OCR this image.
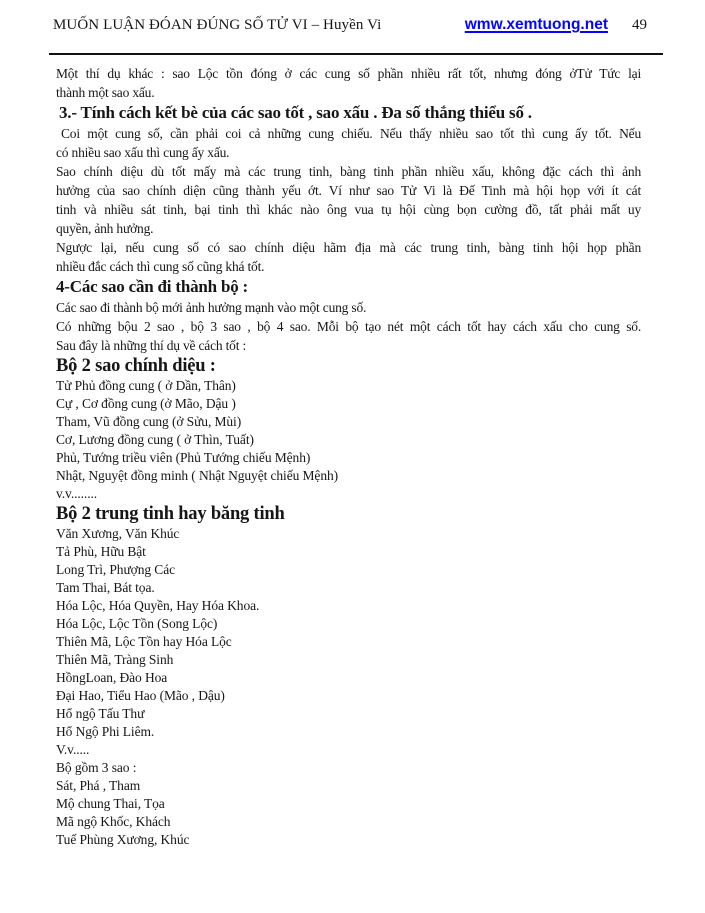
MUỐN LUẬN ĐÓAN ĐÚNG SỐ TỬ VI – Huyền Vi	wmw.xemtuong.net 49
Một thí dụ khác : sao Lộc tồn đóng ở các cung số phần nhiều rất tốt, nhưng đóng ởTử Tức lại
thành một sao xấu.
3.- Tính cách kết bè của các sao tốt , sao xấu . Đa số thắng thiểu số .
Coi một cung số, cần phải coi cả những cung chiếu. Nếu thấy nhiều sao tốt thì cung ấy tốt. Nếu
có nhiều sao xấu thì cung ấy xấu.
Sao chính diệu dù tốt mấy mà các trung tinh, bàng tinh phần nhiều xấu, không đặc cách thì ảnh
hưởng của sao chính diện cũng thành yếu ớt. Ví như sao Tử Vi là Đế Tinh mà hội họp với ít cát
tinh và nhiều sát tinh, bại tinh thì khác nào ông vua tụ hội cùng bọn cường đồ, tất phải mất uy
quyền, ảnh hưởng.
Ngược lại, nếu cung số có sao chính diệu hãm địa mà các trung tinh, bàng tinh hội họp phần
nhiều đắc cách thì cung số cũng khá tốt.
4-Các sao cần đi thành bộ :
Các sao đi thành bộ mới ảnh hưởng mạnh vào một cung số.
Có những bộu 2 sao , bộ 3 sao , bộ 4 sao. Mỗi bộ tạo nét một cách tốt hay cách xấu cho cung số.
Sau đây là những thí dụ về cách tốt :
Bộ 2 sao chính diệu :
Tử Phủ đồng cung ( ở Dần, Thân)
Cự , Cơ đồng cung (ở Mão, Dậu )
Tham, Vũ đồng cung (ở Sửu, Mùi)
Cơ, Lương đồng cung ( ở Thìn, Tuất)
Phủ, Tướng triều viên (Phủ Tướng chiếu Mệnh)
Nhật, Nguyệt đồng minh ( Nhật Nguyệt chiếu Mệnh)
v.v........
Bộ 2 trung tinh hay băng tinh
Văn Xương, Văn Khúc
Tả Phù, Hữu Bật
Long Trì, Phượng Các
Tam Thai, Bát tọa.
Hóa Lộc, Hóa Quyền, Hay Hóa Khoa.
Hóa Lộc, Lộc Tồn (Song Lộc)
Thiên Mã, Lộc Tồn hay Hóa Lộc
Thiên Mã, Tràng Sinh
HồngLoan, Đào Hoa
Đại Hao, Tiểu Hao (Mão , Dậu)
Hổ ngộ Tấu Thư
Hổ Ngộ Phi Liêm.
V.v.....
Bộ gồm 3 sao :
Sát, Phá , Tham
Mộ chung Thai, Tọa
Mã ngộ Khốc, Khách
Tuế Phùng Xương, Khúc
